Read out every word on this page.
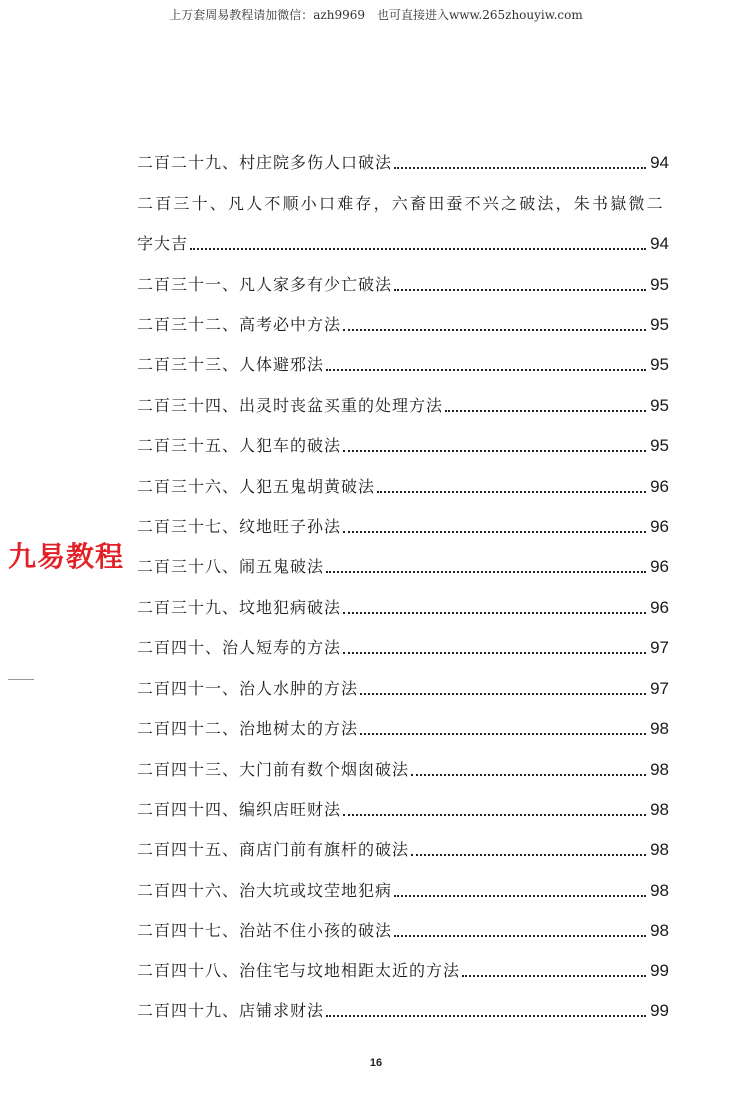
上万套周易教程请加微信：azh9969　也可直接进入www.265zhouyiw.com
二百二十九、村庄院多伤人口破法	94
二百三十、凡人不顺小口难存，六畜田蚕不兴之破法，朱书嶽微二
字大吉	94
二百三十一、凡人家多有少亡破法	95
二百三十二、高考必中方法	95
二百三十三、人体避邪法	95
二百三十四、出灵时丧盆买重的处理方法	95
二百三十五、人犯车的破法	95
二百三十六、人犯五鬼胡黄破法	96
二百三十七、纹地旺子孙法	96
二百三十八、闹五鬼破法	96
二百三十九、坟地犯病破法	96
二百四十、治人短寿的方法	97
二百四十一、治人水肿的方法	97
二百四十二、治地树太的方法	98
二百四十三、大门前有数个烟囱破法	98
二百四十四、编织店旺财法	98
二百四十五、商店门前有旗杆的破法	98
二百四十六、治大坑或坟茔地犯病	98
二百四十七、治站不住小孩的破法	98
二百四十八、治住宅与坟地相距太近的方法	99
二百四十九、店铺求财法	99
九易教程
16
